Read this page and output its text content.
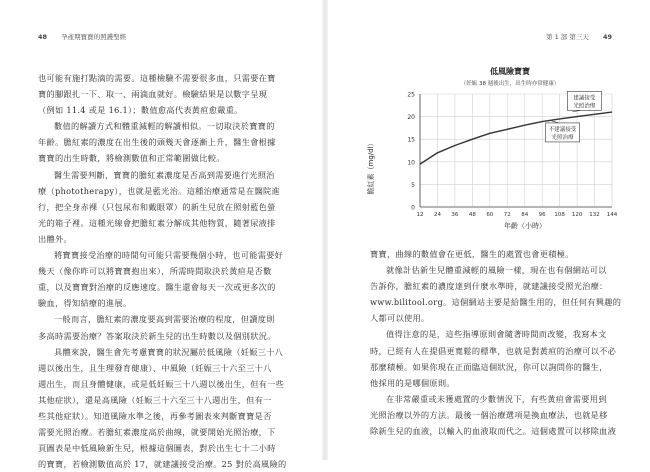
48 孕產期寶寶的照護聖經

也可能有施打點滴的需要。這種檢驗不需要很多血，只需要在寶

寶的腳跟扎一下、取一、兩滴血就好。檢驗結果是以數字呈現

（例如 11.4 或是 16.1）；數值愈高代表黃疸愈嚴重。

數值的解讀方式和體重減輕的解讀相似。一切取決於寶寶的

年齡。膽紅素的濃度在出生後的頭幾天會逐漸上升，醫生會根據

寶寶的出生時數，將檢測數值和正常範圍做比較。

醫生需要判斷，寶寶的膽紅素濃度是否高到需要進行光照治

療（phototherapy），也就是藍光治。這種治療通常是在醫院進

行，把全身赤裸（只包尿布和戴眼罩）的新生兒放在照射藍色螢

光的箱子裡。這種光線會把膽紅素分解成其他物質，隨著尿液排

出體外。

將寶寶接受治療的時間句可能只需要幾個小時，也可能需要好

幾天（像你昨可以將寶寶抱出來），所需時間取決於黃疸是否數

重，以及寶寶對治療的反應速度。醫生還會每天一次或更多次的

驗血，得知結療的進展。

一般而言，膽紅素的濃度要高到需要治療的程度，但讀度則

多高時需要治療？答案取決於新生兒的出生時數以及個別狀況。

具體來說，醫生會先考慮寶寶的狀況屬於低風險（妊娠三十八

週以後出生，且生理發育健康）、中風險（妊娠三十六至三十八

週出生，而且身體健康，或是低妊娠三十八週以後出生，但有一些

其他症狀），還是高風險（妊娠三十六至三十八週出生，但有一

些其他症狀）。知道風險水準之後，再參考圖表來判斷寶寶是否

需要光照治療。若膽紅素濃度高於曲線，就要開始光照治療，下

頁圖表是中低風險新生兒，根據這個圖表，對於出生七十二小時

的寶寶，若檢測數值高於 17，就建議接受治療。25 對於高風險的

第 1 部 第三天 49
低風險寶寶
（妊娠 38 週後出生，出生時亦常健康）
0
5
10
15
20
25
12 24 36 48 60 72 84 96 108 120 132 144
建議接受
光照治療
不建議接受
光照治療
年齡（小時）
膽紅素（mg/dl）

寶寶，曲線的數值會在更低，醫生的處置也會更積極。

就像計估新生兒體重減輕的風險一樣，現在也有個網站可以

告訴你，膽紅素的濃度達到什麼水準時，就建議接受照光治療：

www.bilitool.org。這個網站主要是給醫生用的，但任何有興趣的

人都可以使用。

值得注意的是，這些指導原則會隨著時間而改變，我寫本文

時，已經有人在提倡更寬鬆的標準，也就是對黃疸的治療可以不必

那麼積極。如果你現在正面臨這個狀況，你可以詢問你的醫生，

他採用的是哪個原則。

在非常嚴重或未獲處置的少數情況下，有些黃疸會需要用到

光照治療以外的方法。最後一個治療選項是換血療法，也就是移

除新生兒的血液，以輸入的血液取而代之。這個處置可以移除血液
